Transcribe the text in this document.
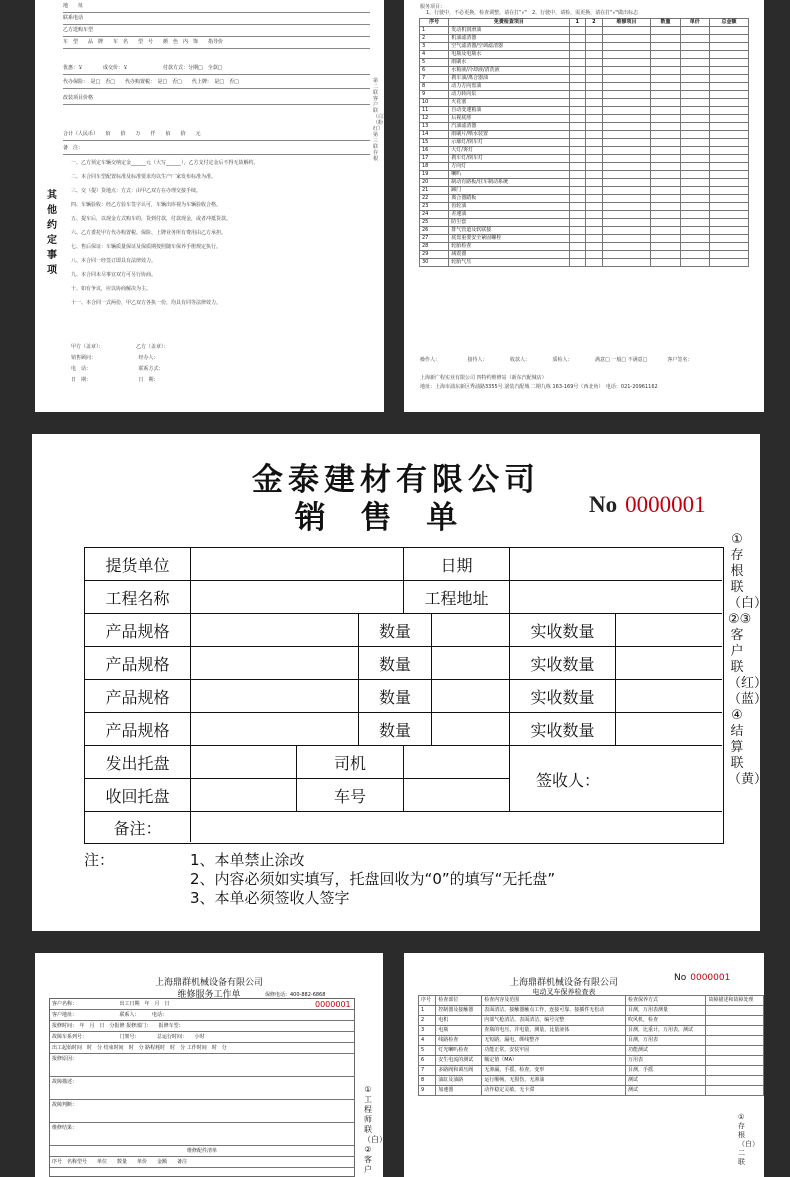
地　　址
联系电话
乙方选购车型
车　型　　品　牌　　车　名　　型　号　　颜　色　内　饰　　指导价
优惠：￥　　　　成交价：￥　　　　　　　付款方式：分期□　全款□
代办保险：　是□　否□　　代办购置税：　是□　否□　　代上牌：　是□　否□
改装项目价格
合计（人民币）　　佰　　拾　　万　　仟　　佰　　拾　　元
备　注：
其他约定事项
一、乙方预定车辆交纳定金______元（大写______），乙方支付定金后不得无故解约。
二、本合同车型配置标准及标准要求均以生产厂家发布标准为准。
三、交（提）货地点：方式：由甲乙双方在办理交接手续。
四、车辆验收：经乙方验车签字认可，车辆出库视为车辆验收合格。
五、提车后，以现金方式购车的，货到付款，付款现金，或者冲抵货款。
六、乙方委托甲方代办购置税、保险、上牌业务所有费用由乙方承担。
七、售后保证：车辆质量保证及保质期按照随车保养手册规定执行。
八、本合同一经签订即具有法律效力。
九、本合同未尽事宜双方可另行协商。
十、如有争议，应以协商解决为主。
十一、本合同一式两份，甲乙双方各执一份，均具有同等法律效力。
甲方（盖章）：　　　　　　　乙方（盖章）：
销售顾问：　　　　　　　　　经办人：
电　话：　　　　　　　　　　联系方式：
日　期：　　　　　　　　　　日　期：
第二联客户联（白）（粉红）第三联存根
服务项目：
1、行驶中，不必更换，检查调整，请在打"√"　2、行驶中，请检，需更换，请在打"√"做出标志
序号	免费检查项目	1	2	维修项目	数量	单价	总金额
1	发动机润滑油						
2	机油滤清器						
3	空气滤清器/空调滤清器						
4	电瓶及电瓶水						
5	雨刷水						
6	水箱液/冷却液/清洗液						
7	刹车油/离合器油						
8	动力方向盘油						
9	动力转向泵						
10	火花塞						
11	自动变速箱油						
12	后视底座						
13	汽油滤清器						
14	雨刷片/喷水装置						
15	示廓灯/倒车灯						
16	大灯/雾灯						
17	刹车灯/倒车灯						
18	方向灯						
19	喇叭						
20	制动有路板/驻车制动系统						
21	蹄门						
22	离合器踏板						
23	齿轮油						
24	差速油						
25	防尘套						
26	排气管道及软联接						
27	底盘重要安全紧固螺栓						
28	轮胎检查						
29	减震器						
30	轮胎气压						
操作人：　　　　　　接待人：　　　　　收款人：　　　　　质检人：　　　　　满意□ 一般□ 不满意□　　　　客户签名：
上海新广程实业有限公司 四特约维修站（新东汽配城店）
地址：上海市浦东新区秀浦路3355号 滚装汽配城 二期九栋 163-169号（西北角）　电话：021-20961162
金泰建材有限公司
销 售 单	No 0000001
提货单位	日期
工程名称	工程地址
产品规格	数量	实收数量
产品规格	数量	实收数量
产品规格	数量	实收数量
产品规格	数量	实收数量
发出托盘	司机
收回托盘	车号
签收人：
备注：
注：	1、本单禁止涂改
2、内容必须如实填写，托盘回收为“0”的填写“无托盘”
3、本单必须签收人签字
①存根联（白）
②③客户联（红）（蓝）
④结算联（黄）
上海鼎群机械设备有限公司
维修服务工作单	保修电话：400-882-6868
客户名称：　　　　　　　　　出工日期　年　月　日
客户地址：　　　　　　　　　联系人：　　　电话：
报修时间：　年　月　日　分报修 报修部门：　　报修车型：
故障车系列号：　　　　　　　门架号：　　　　总运行时间：　　小时
出工起始时间　时　分 结束时间　时　分 路程耗时　时　分 工作时间　时　分
报修原因：
故障描述：
故障判断：
维修结果：
维修配件清单
序号　名称型号　　单位　　数量　　单价　　金额　　备注
0000001
①工程师联（白）②客户
上海鼎群机械设备有限公司
电动叉车保养检查表
No 0000001
序号	检查部位	检查内容及范围	检查保养方式	故障描述和故障处理
1	控制器及接触器	表面清洁，接触器触点工作，连接可靠，接插件无松动	目测，万用表测量	
2	电机	内部气枪清洁，表面清洁，编号完整	吹风机，检查	
3	电瓶	查瓶的电压，并电量，测量，比量液体	目测，比重计，万用表，测试	
4	线路检查	无短路，漏电，绑线整齐	目测，万用表	
5	灯光喇叭检查	功能正常，安装牢固	功能测试	
6	安生电流的测试	额定值（MA）	万用表	
7	多路阀和调压阀	无渗漏，手摇，检查，变形	目测，手摇	
8	油缸及油路	运行顺畅，无损伤，无渗油	测试	
9	加速器	动作稳定灵敏，无卡滞	测试	
①存根（白）二联
